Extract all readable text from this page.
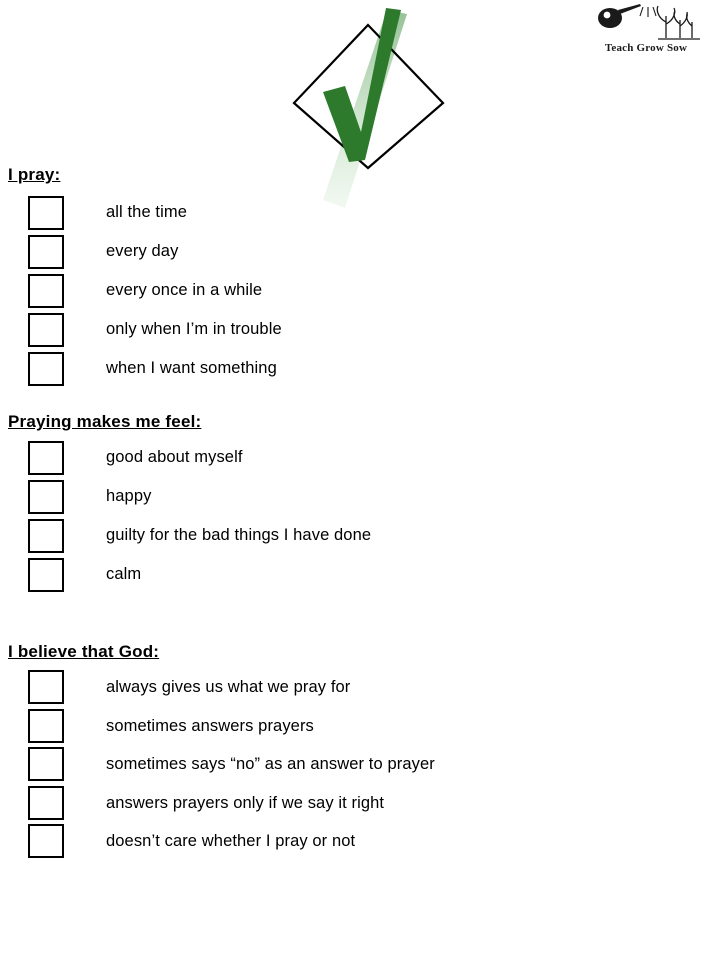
Teach Grow Sow
I pray:
all the time
every day
every once in a while
only when I’m in trouble
when I want something
Praying makes me feel:
good about myself
happy
guilty for the bad things I have done
calm
I believe that God:
always gives us what we pray for
sometimes answers prayers
sometimes says “no” as an answer to prayer
answers prayers only if we say it right
doesn’t care whether I pray or not
